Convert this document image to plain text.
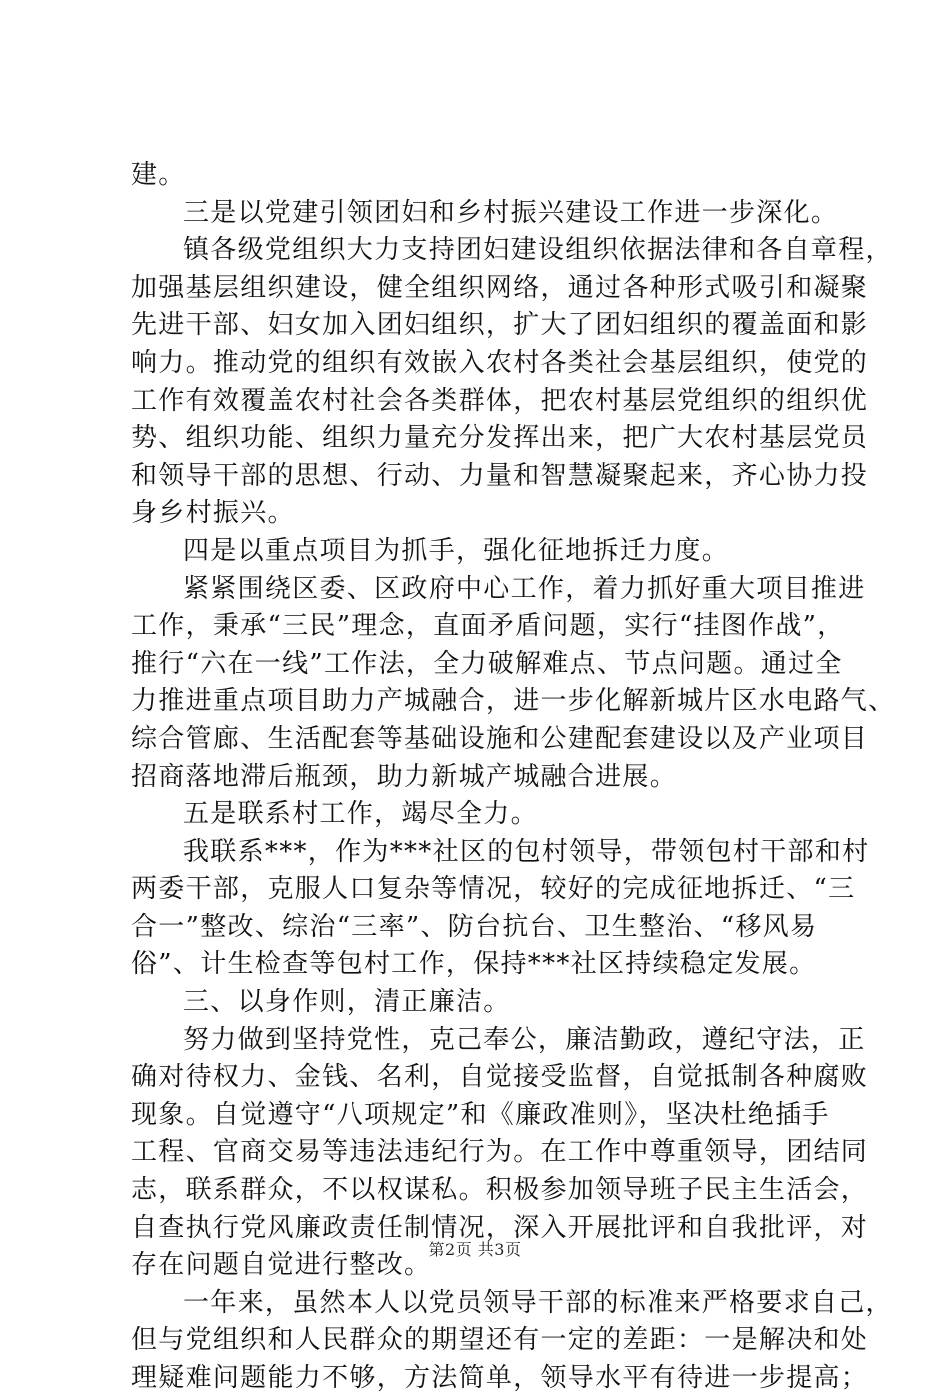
建。
三是以党建引领团妇和乡村振兴建设工作进一步深化。
镇各级党组织大力支持团妇建设组织依据法律和各自章程，
加强基层组织建设，健全组织网络，通过各种形式吸引和凝聚
先进干部、妇女加入团妇组织，扩大了团妇组织的覆盖面和影
响力。推动党的组织有效嵌入农村各类社会基层组织，使党的
工作有效覆盖农村社会各类群体，把农村基层党组织的组织优
势、组织功能、组织力量充分发挥出来，把广大农村基层党员
和领导干部的思想、行动、力量和智慧凝聚起来，齐心协力投
身乡村振兴。
四是以重点项目为抓手，强化征地拆迁力度。
紧紧围绕区委、区政府中心工作，着力抓好重大项目推进
工作，秉承“三民”理念，直面矛盾问题，实行“挂图作战”，
推行“六在一线”工作法，全力破解难点、节点问题。通过全
力推进重点项目助力产城融合，进一步化解新城片区水电路气、
综合管廊、生活配套等基础设施和公建配套建设以及产业项目
招商落地滞后瓶颈，助力新城产城融合进展。
五是联系村工作，竭尽全力。
我联系***，作为***社区的包村领导，带领包村干部和村
两委干部，克服人口复杂等情况，较好的完成征地拆迁、“三
合一”整改、综治“三率”、防台抗台、卫生整治、“移风易
俗”、计生检查等包村工作，保持***社区持续稳定发展。
三、以身作则，清正廉洁。
努力做到坚持党性，克己奉公，廉洁勤政，遵纪守法，正
确对待权力、金钱、名利，自觉接受监督，自觉抵制各种腐败
现象。自觉遵守“八项规定”和《廉政准则》，坚决杜绝插手
工程、官商交易等违法违纪行为。在工作中尊重领导，团结同
志，联系群众，不以权谋私。积极参加领导班子民主生活会，
自查执行党风廉政责任制情况，深入开展批评和自我批评，对
存在问题自觉进行整改。
一年来，虽然本人以党员领导干部的标准来严格要求自己，
但与党组织和人民群众的期望还有一定的差距：一是解决和处
理疑难问题能力不够，方法简单，领导水平有待进一步提高；
第2页 共3页
